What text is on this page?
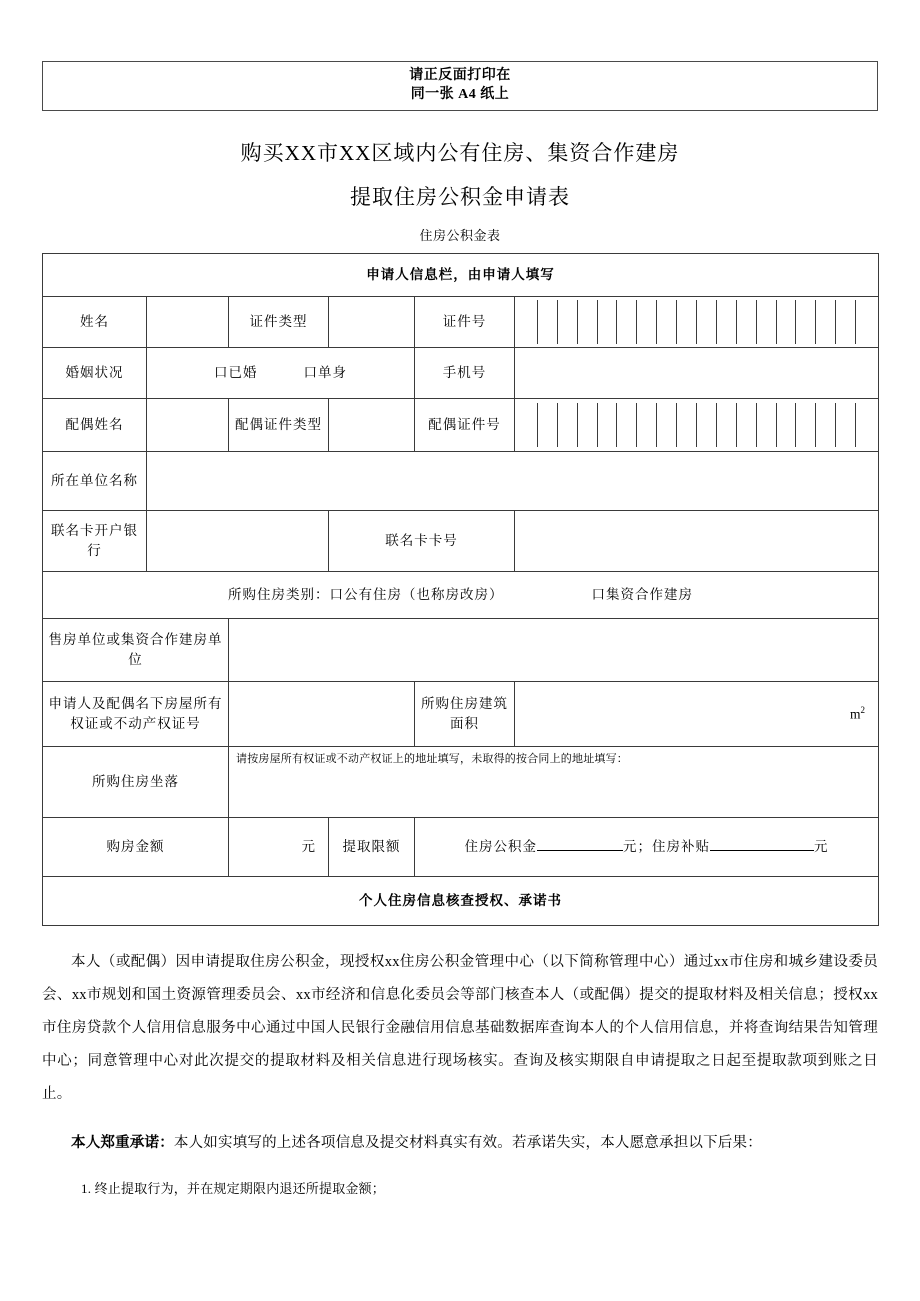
请正反面打印在
同一张 A4 纸上
购买XX市XX区域内公有住房、集资合作建房
提取住房公积金申请表
住房公积金表
申请人信息栏，由申请人填写					
姓名		证件类型		证件号	

婚姻状况	口已婚 口单身			手机号	
配偶姓名		配偶证件类型		配偶证件号	

所在单位名称					
联名卡开户银行			联名卡卡号		
所购住房类别：口公有住房（也称房改房） 口集资合作建房					
售房单位或集资合作建房单位					
申请人及配偶名下房屋所有权证或不动产权证号				所购住房建筑面积	$m^2$

所购住房坐落		请按房屋所有权证或不动产权证上的地址填写，未取得的按合同上的地址填写：			

购房金额		元	提取限额	住房公积金 元；住房补贴 元	
个人住房信息核查授权、承诺书					

本人（或配偶）因申请提取住房公积金，现授权xx住房公积金管理中心（以下简称管理中心）通过xx市住房和城乡建设委员会、xx市规划和国土资源管理委员会、xx市经济和信息化委员会等部门核查本人（或配偶）提交的提取材料及相关信息；授权xx市住房贷款个人信用信息服务中心通过中国人民银行金融信用信息基础数据库查询本人的个人信用信息，并将查询结果告知管理中心；同意管理中心对此次提交的提取材料及相关信息进行现场核实。查询及核实期限自申请提取之日起至提取款项到账之日止。

本人郑重承诺：本人如实填写的上述各项信息及提交材料真实有效。若承诺失实，本人愿意承担以下后果：

1. 终止提取行为，并在规定期限内退还所提取金额；
